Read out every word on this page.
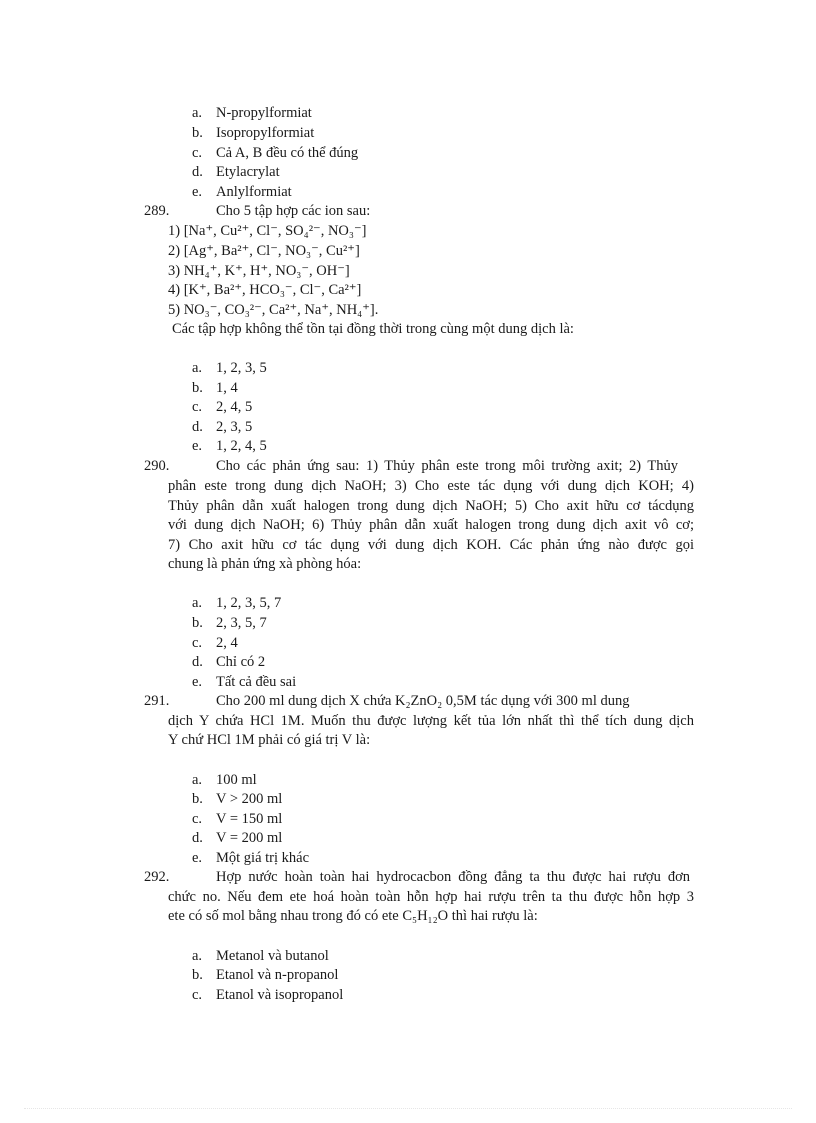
a. N-propylformiat
b. Isopropylformiat
c. Cả A, B đều có thể đúng
d. Etylacrylat
e. Anlylformiat
289.	Cho 5 tập hợp các ion sau:
1) [Na⁺, Cu²⁺, Cl⁻, SO₄²⁻, NO₃⁻]
2) [Ag⁺, Ba²⁺, Cl⁻, NO₃⁻, Cu²⁺]
3) NH₄⁺, K⁺, H⁺, NO₃⁻, OH⁻]
4) [K⁺, Ba²⁺, HCO₃⁻, Cl⁻, Ca²⁺]
5) NO₃⁻, CO₃²⁻, Ca²⁺, Na⁺, NH₄⁺].
Các tập hợp không thể tồn tại đồng thời trong cùng một dung dịch là:
a. 1, 2, 3, 5
b. 1, 4
c. 2, 4, 5
d. 2, 3, 5
e. 1, 2, 4, 5
290.	Cho các phản ứng sau: 1) Thủy phân este trong môi trường axit; 2) Thủy
phân este trong dung dịch NaOH; 3) Cho este tác dụng với dung dịch KOH; 4)
Thủy phân dẫn xuất halogen trong dung dịch NaOH; 5) Cho axit hữu cơ tácdụng
với dung dịch NaOH; 6) Thủy phân dẫn xuất halogen trong dung dịch axit vô cơ;
7) Cho axit hữu cơ tác dụng với dung dịch KOH. Các phản ứng nào được gọi
chung là phản ứng xà phòng hóa:
a. 1, 2, 3, 5, 7
b. 2, 3, 5, 7
c. 2, 4
d. Chỉ có 2
e. Tất cả đều sai
291.	Cho 200 ml dung dịch X chứa K₂ZnO₂ 0,5M tác dụng với 300 ml dung
dịch Y chứa HCl 1M. Muốn thu được lượng kết tủa lớn nhất thì thể tích dung dịch
Y chứ HCl 1M phải có giá trị V là:
a. 100 ml
b. V > 200 ml
c. V = 150 ml
d. V = 200 ml
e. Một giá trị khác
292.	Hợp nước hoàn toàn hai hydrocacbon đồng đẳng ta thu được hai rượu đơn
chức no. Nếu đem ete hoá hoàn toàn hỗn hợp hai rượu trên ta thu được hỗn hợp 3
ete có số mol bằng nhau trong đó có ete C₅H₁₂O thì hai rượu là:
a. Metanol và butanol
b. Etanol và n-propanol
c. Etanol và isopropanol
